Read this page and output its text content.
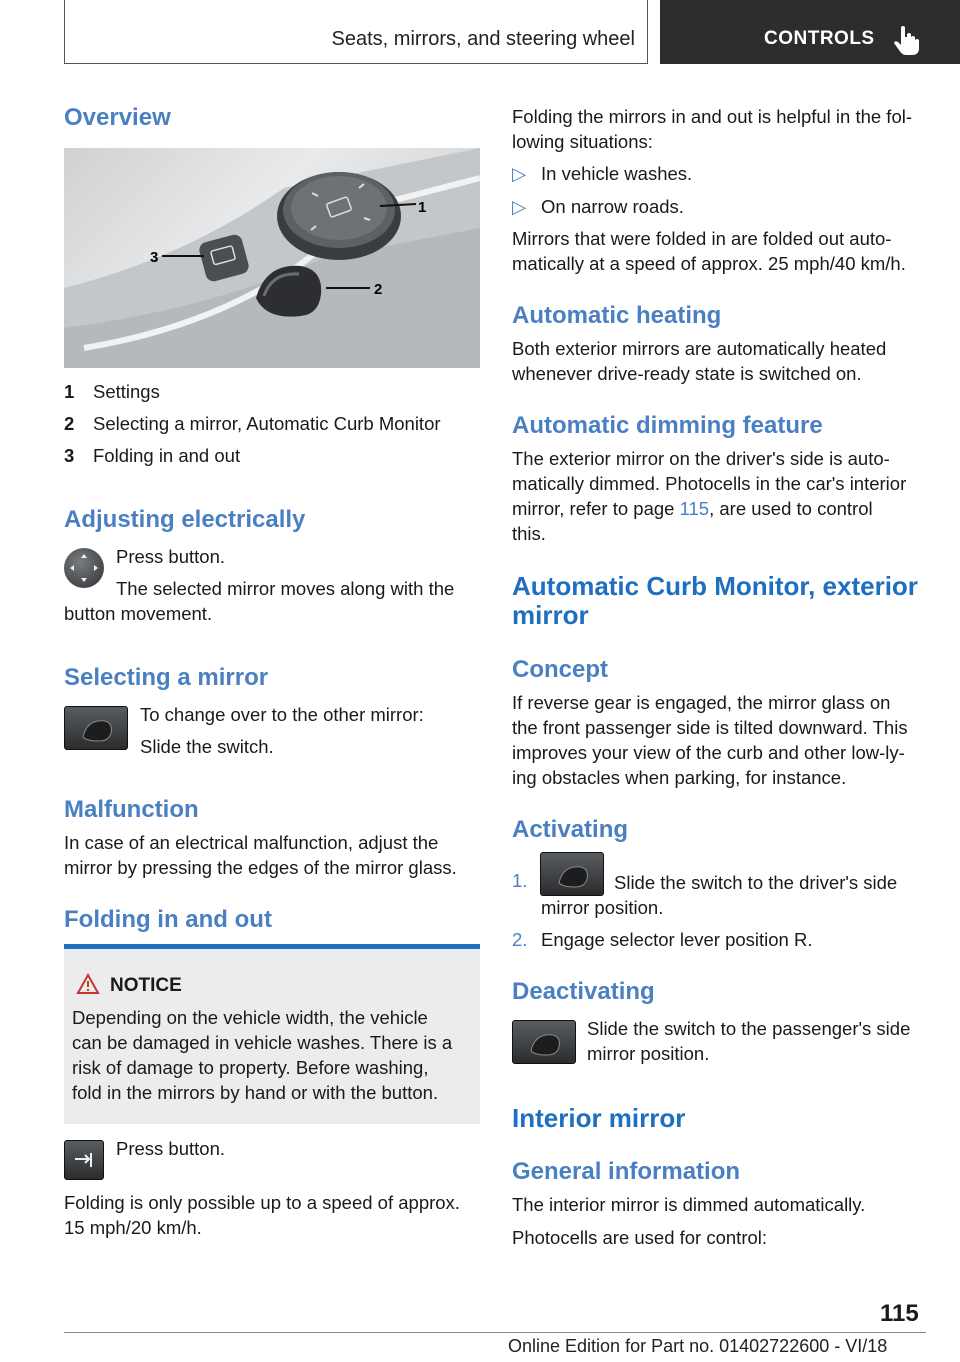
Seats, mirrors, and steering wheel	CONTROLS
Overview
1
2
3
1	Settings
2	Selecting a mirror, Automatic Curb Monitor
3	Folding in and out
Adjusting electrically

Press button.

The selected mirror moves along with the

button movement.

Selecting a mirror

To change over to the other mirror:

Slide the switch.

Malfunction

In case of an electrical malfunction, adjust the

mirror by pressing the edges of the mirror glass.

Folding in and out
NOTICE

Depending on the vehicle width, the vehicle

can be damaged in vehicle washes. There is a

risk of damage to property. Before washing,

fold in the mirrors by hand or with the button.

Press button.

Folding is only possible up to a speed of approx.

15 mph/20 km/h.

Folding the mirrors in and out is helpful in the fol‐

lowing situations:

▷ In vehicle washes.

▷ On narrow roads.

Mirrors that were folded in are folded out auto‐

matically at a speed of approx. 25 mph/40 km/h.

Automatic heating

Both exterior mirrors are automatically heated

whenever drive-ready state is switched on.

Automatic dimming feature

The exterior mirror on the driver's side is auto‐

matically dimmed. Photocells in the car's interior

mirror, refer to page 115, are used to control

this.

Automatic Curb Monitor, exterior
mirror
Concept

If reverse gear is engaged, the mirror glass on

the front passenger side is tilted downward. This

improves your view of the curb and other low-ly‐

ing obstacles when parking, for instance.

Activating
1.	Slide the switch to the driver's side

mirror position.

2. Engage selector lever position R.

Deactivating

Slide the switch to the passenger's side

mirror position.

Interior mirror
General information

The interior mirror is dimmed automatically.

Photocells are used for control:

115
Online Edition for Part no. 01402722600 - VI/18
